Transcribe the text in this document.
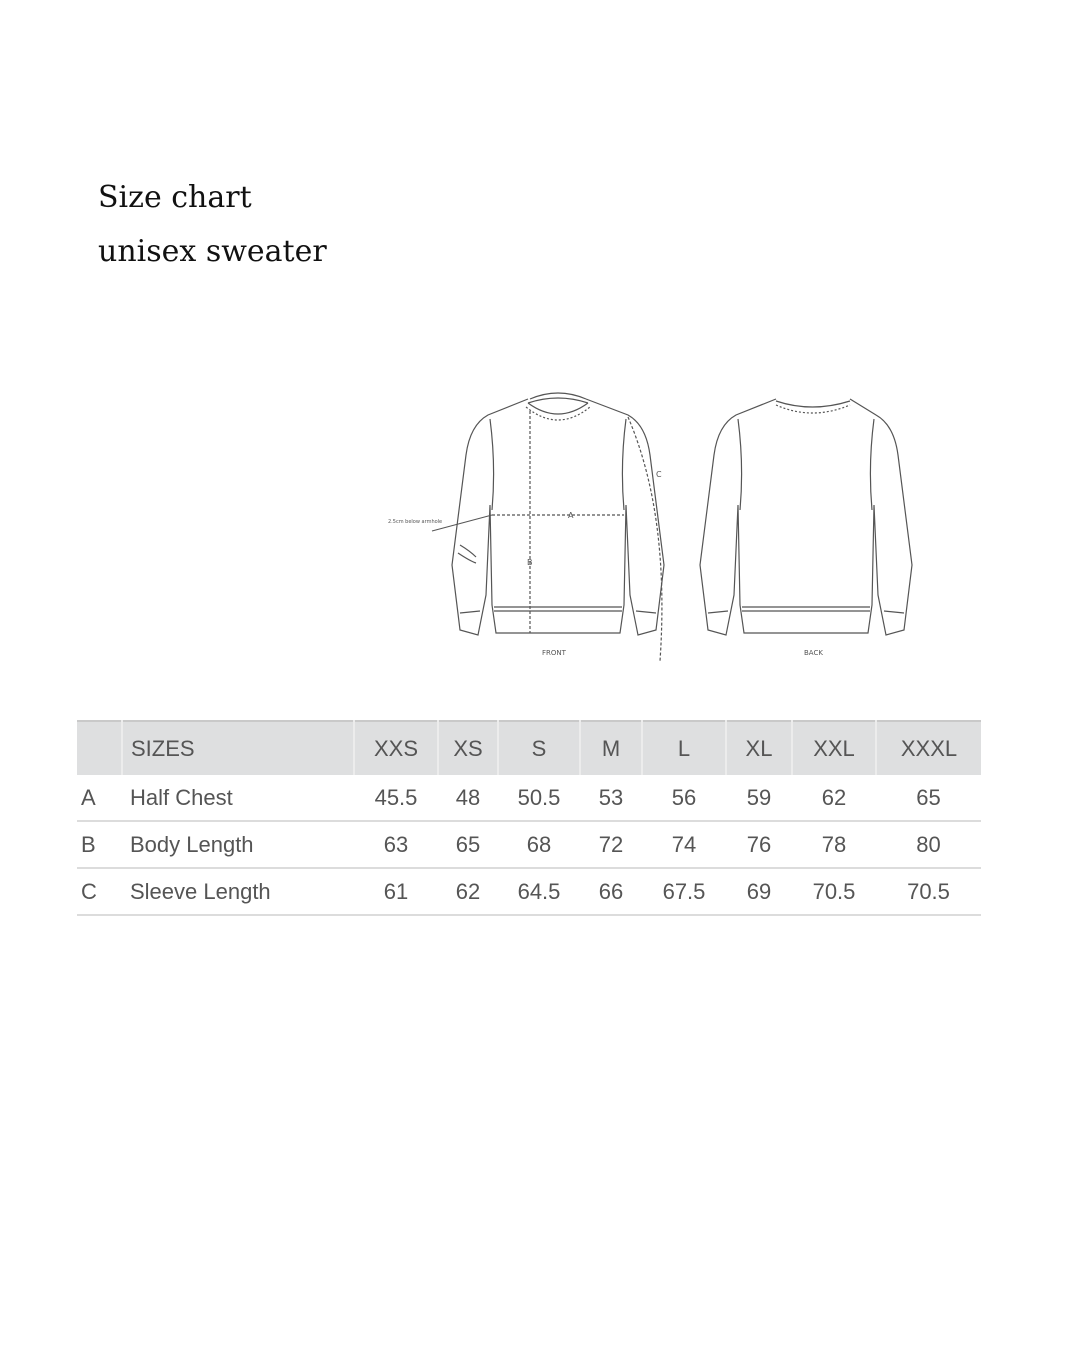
Size chart
unisex sweater
A
B
C
2.5cm below armhole
FRONT	BACK
	SIZES	XXS	XS	S	M	L	XL	XXL	XXXL
A	Half Chest	45.5	48	50.5	53	56	59	62	65
B	Body Length	63	65	68	72	74	76	78	80
C	Sleeve Length	61	62	64.5	66	67.5	69	70.5	70.5
